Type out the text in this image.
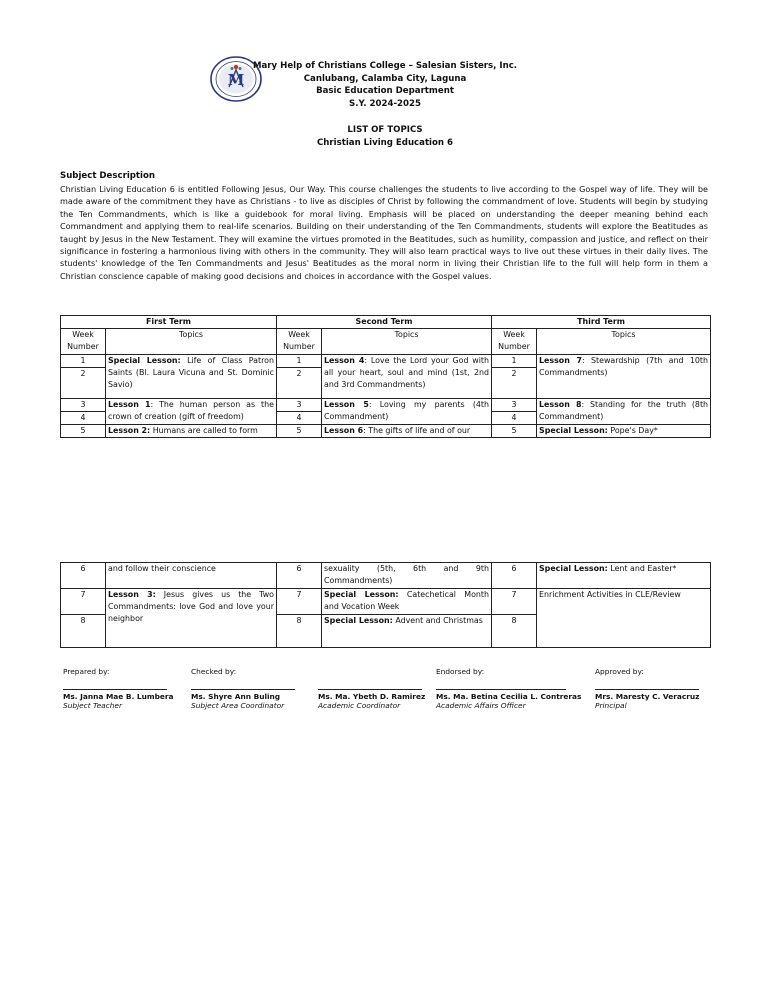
M
Mary Help of Christians College – Salesian Sisters, Inc.
Canlubang, Calamba City, Laguna
Basic Education Department
S.Y. 2024-2025
LIST OF TOPICS
Christian Living Education 6
Subject Description
Christian Living Education 6 is entitled Following Jesus, Our Way. This course challenges the students to live according to the Gospel way of life. They will be made aware of the commitment they have as Christians - to live as disciples of Christ by following the commandment of love. Students will begin by studying the Ten Commandments, which is like a guidebook for moral living. Emphasis will be placed on understanding the deeper meaning behind each Commandment and applying them to real-life scenarios. Building on their understanding of the Ten Commandments, students will explore the Beatitudes as taught by Jesus in the New Testament. They will examine the virtues promoted in the Beatitudes, such as humility, compassion and justice, and reflect on their significance in fostering a harmonious living with others in the community. They will also learn practical ways to live out these virtues in their daily lives. The students' knowledge of the Ten Commandments and Jesus' Beatitudes as the moral norm in living their Christian life to the full will help form in them a Christian conscience capable of making good decisions and choices in accordance with the Gospel values.
First Term		Second Term		Third Term	
Week Number	Topics	Week Number	Topics	Week Number	Topics
1	Special Lesson: Life of Class Patron Saints (Bl. Laura Vicuna and St. Dominic Savio)	1	Lesson 4: Love the Lord your God with all your heart, soul and mind (1st, 2nd and 3rd Commandments)	1	Lesson 7: Stewardship (7th and 10th Commandments)
2		2		2	
3	Lesson 1: The human person as the crown of creation (gift of freedom)	3	Lesson 5: Loving my parents (4th Commandment)	3	Lesson 8: Standing for the truth (8th Commandment)
4		4		4	
5	Lesson 2: Humans are called to form	5	Lesson 6: The gifts of life and of our	5	Special Lesson: Pope's Day*
6	and follow their conscience	6	sexuality (5th, 6th and 9th Commandments)	6	Special Lesson: Lent and Easter*
7	Lesson 3: Jesus gives us the Two Commandments: love God and love your neighbor	7	Special Lesson: Catechetical Month and Vocation Week	7	Enrichment Activities in CLE/Review
8		8	Special Lesson: Advent and Christmas	8	
Prepared by:
Ms. Janna Mae B. Lumbera
Subject Teacher
Checked by:
Ms. Shyre Ann Buling
Subject Area Coordinator
Ms. Ma. Ybeth D. Ramirez
Academic Coordinator
Endorsed by:
Ms. Ma. Betina Cecilia L. Contreras
Academic Affairs Officer
Approved by:
Mrs. Maresty C. Veracruz
Principal
